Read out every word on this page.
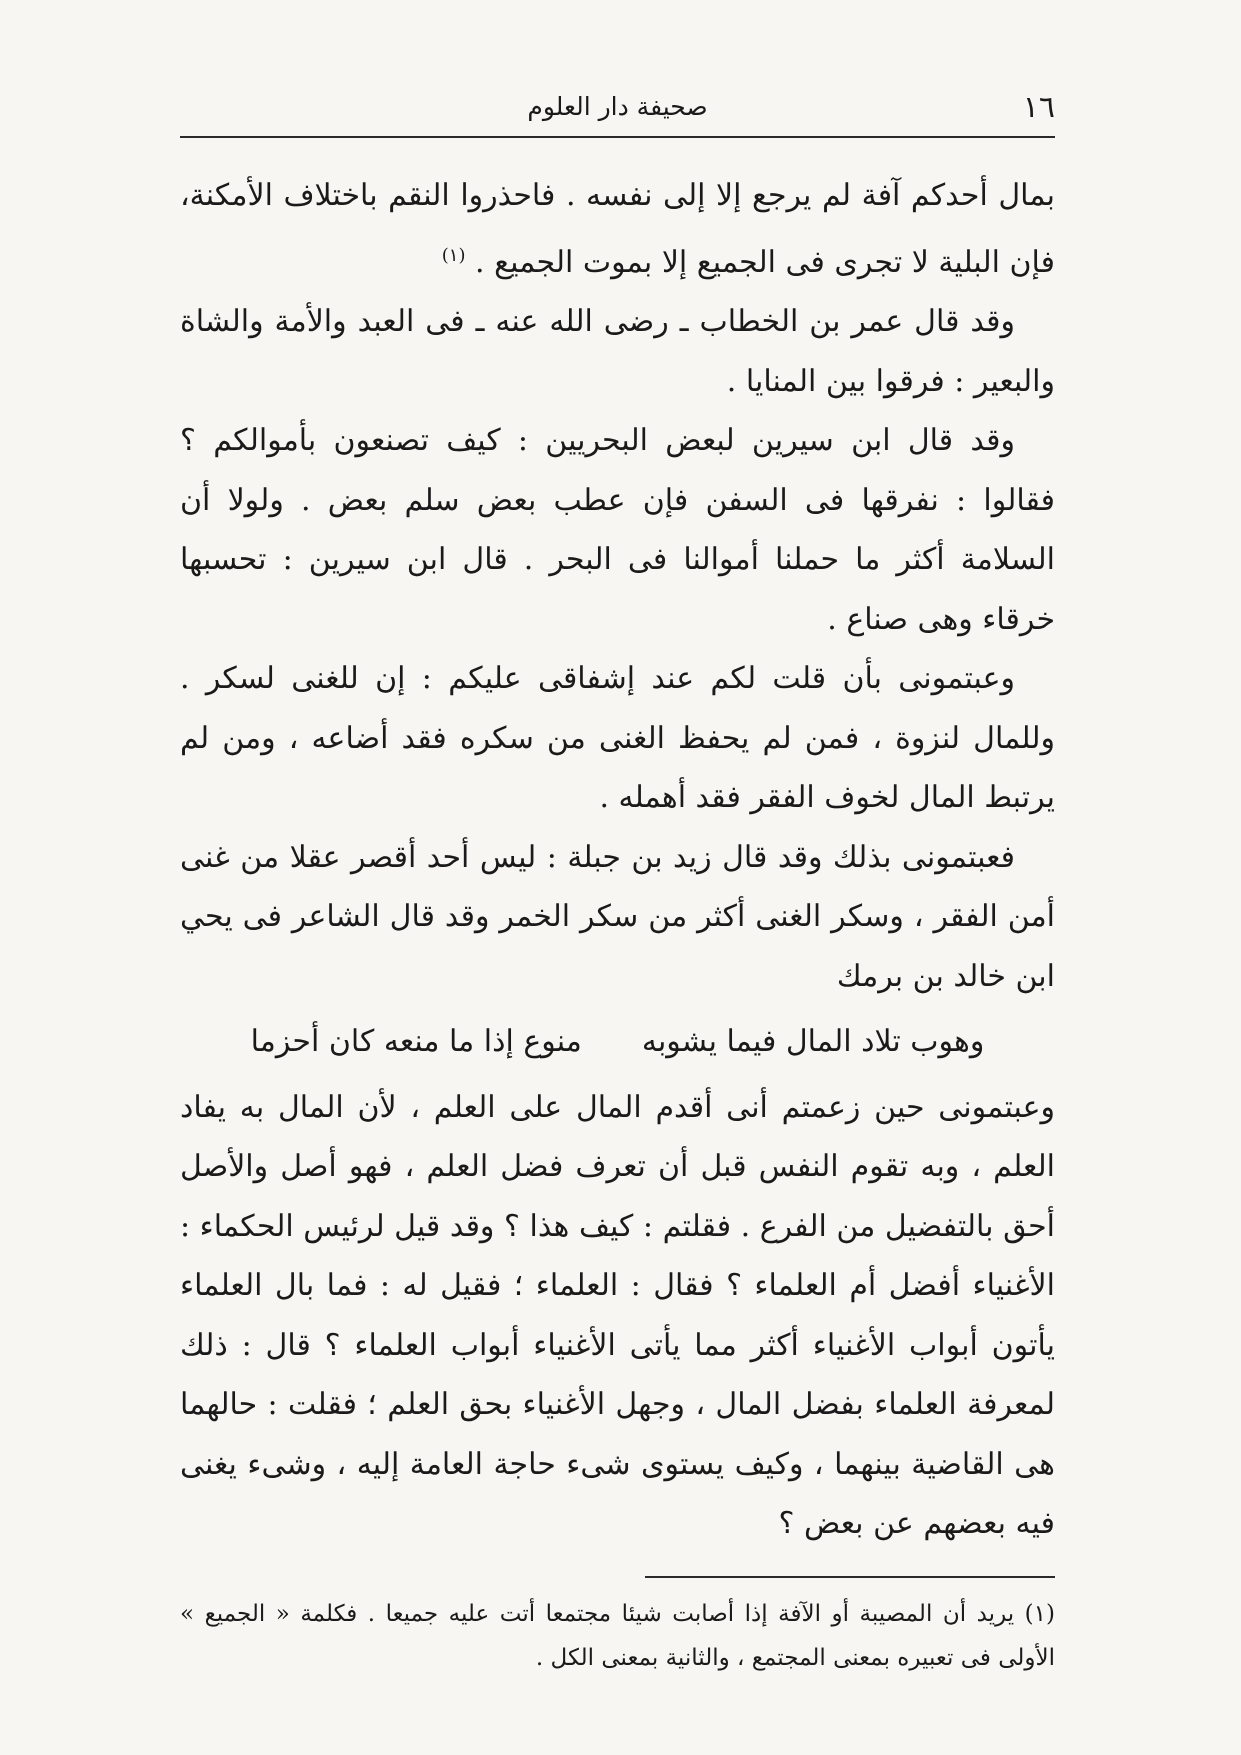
١٦
صحيفة دار العلوم

بمال أحدكم آفة لم يرجع إلا إلى نفسه . فاحذروا النقم باختلاف الأمكنة، فإن البلية لا تجرى فى الجميع إلا بموت الجميع . $^{(١)}$

وقد قال عمر بن الخطاب ـ رضى الله عنه ـ فى العبد والأمة والشاة والبعير : فرقوا بين المنايا .

وقد قال ابن سيرين لبعض البحريين : كيف تصنعون بأموالكم ؟ فقالوا : نفرقها فى السفن فإن عطب بعض سلم بعض . ولولا أن السلامة أكثر ما حملنا أموالنا فى البحر . قال ابن سيرين : تحسبها خرقاء وهى صناع .

وعبتمونى بأن قلت لكم عند إشفاقى عليكم : إن للغنى لسكر . وللمال لنزوة ، فمن لم يحفظ الغنى من سكره فقد أضاعه ، ومن لم يرتبط المال لخوف الفقر فقد أهمله .

فعبتمونى بذلك وقد قال زيد بن جبلة : ليس أحد أقصر عقلا من غنى أمن الفقر ، وسكر الغنى أكثر من سكر الخمر وقد قال الشاعر فى يحي ابن خالد بن برمك

وهوب تلاد المال فيما يشوبه
منوع إذا ما منعه كان أحزما

وعبتمونى حين زعمتم أنى أقدم المال على العلم ، لأن المال به يفاد العلم ، وبه تقوم النفس قبل أن تعرف فضل العلم ، فهو أصل والأصل أحق بالتفضيل من الفرع . فقلتم : كيف هذا ؟ وقد قيل لرئيس الحكماء : الأغنياء أفضل أم العلماء ؟ فقال : العلماء ؛ فقيل له : فما بال العلماء يأتون أبواب الأغنياء أكثر مما يأتى الأغنياء أبواب العلماء ؟ قال : ذلك لمعرفة العلماء بفضل المال ، وجهل الأغنياء بحق العلم ؛ فقلت : حالهما هى القاضية بينهما ، وكيف يستوى شىء حاجة العامة إليه ، وشىء يغنى فيه بعضهم عن بعض ؟

(١) يريد أن المصيبة أو الآفة إذا أصابت شيئا مجتمعا أتت عليه جميعا . فكلمة « الجميع » الأولى فى تعبيره بمعنى المجتمع ، والثانية بمعنى الكل .
